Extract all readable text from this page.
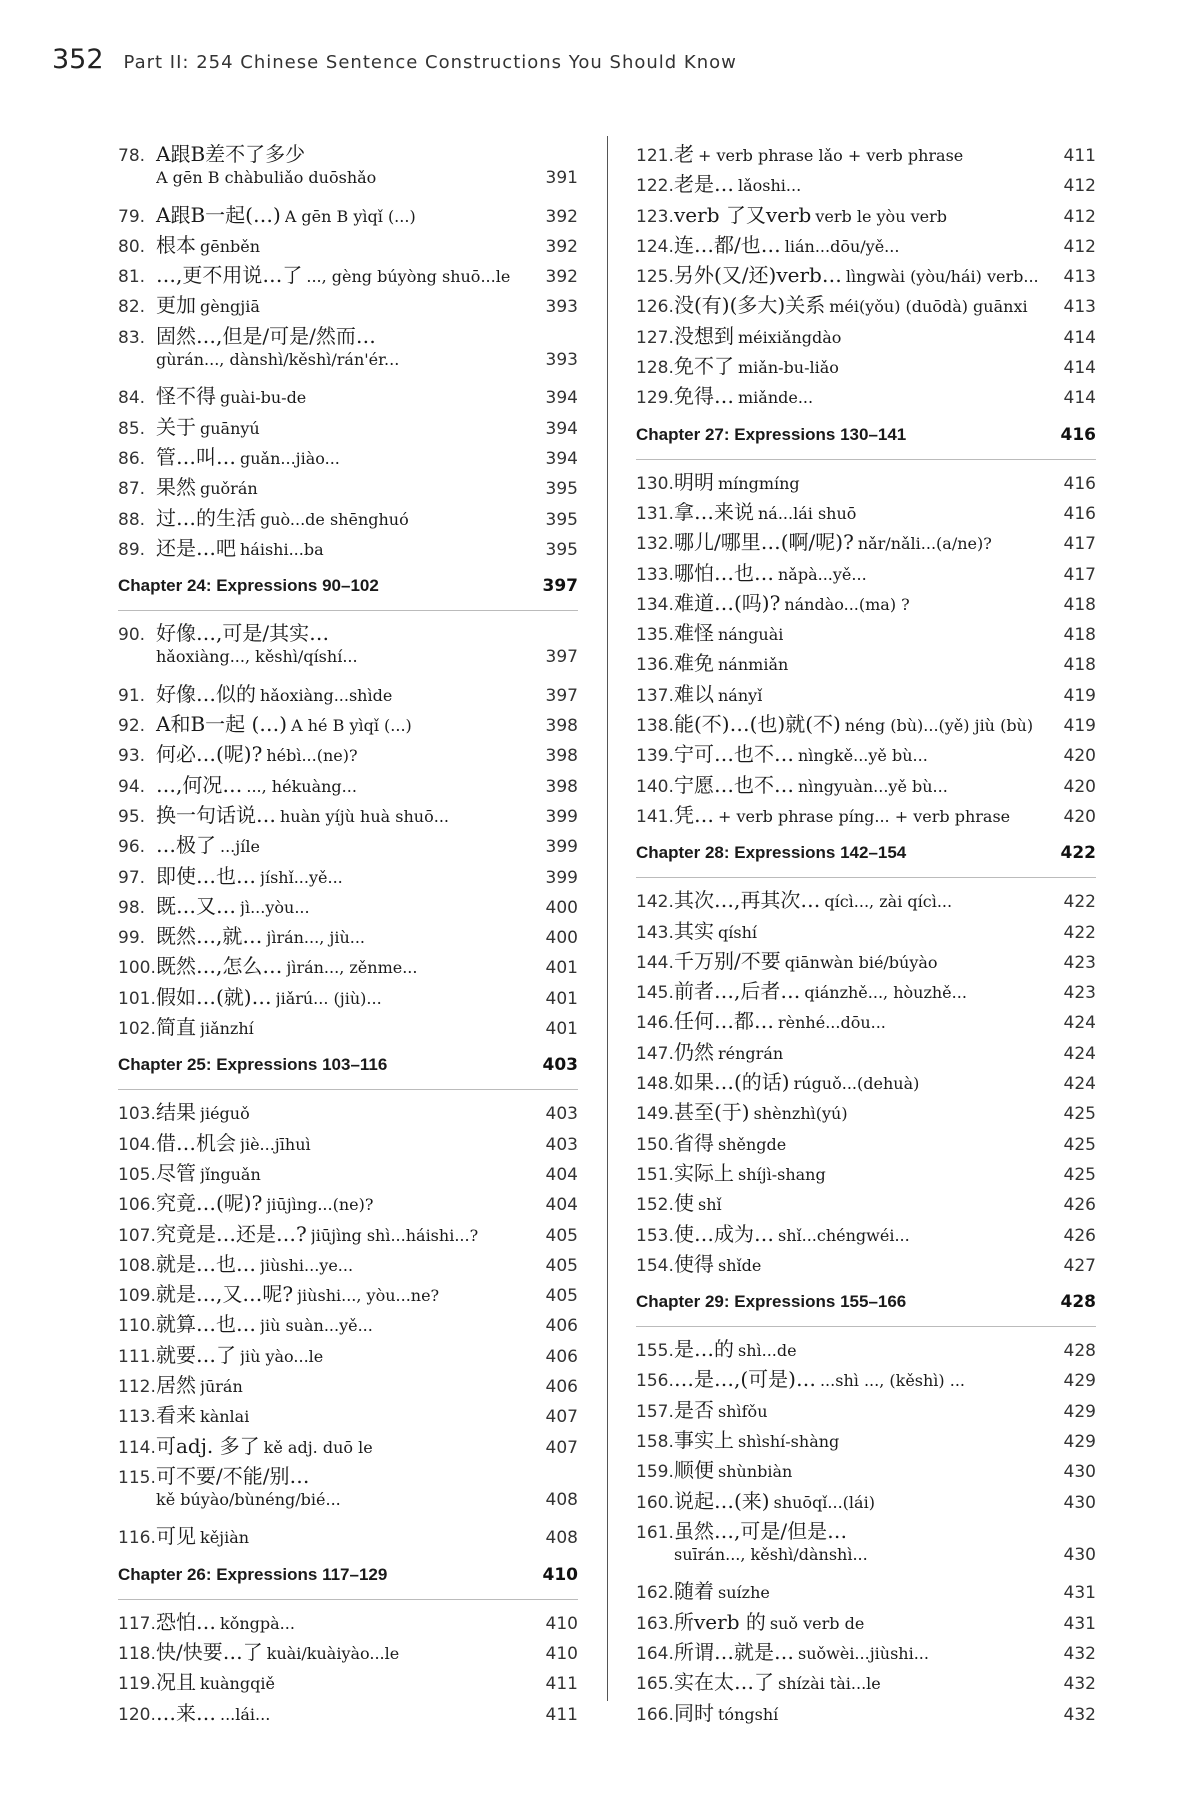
352 Part II: 254 Chinese Sentence Constructions You Should Know
78. A跟B差不了多少
A gēn B chàbuliǎo duōshǎo	391
79. A跟B一起(…) A gēn B yìqǐ (...)	392
80. 根本 gēnběn	392
81. …,更不用说…了 ..., gèng búyòng shuō...le	392
82. 更加 gèngjiā	393
83. 固然…,但是/可是/然而…
gùrán..., dànshì/kěshì/rán'ér...	393
84. 怪不得 guài-bu-de	394
85. 关于 guānyú	394
86. 管…叫… guǎn...jiào...	394
87. 果然 guǒrán	395
88. 过…的生活 guò...de shēnghuó	395
89. 还是…吧 háishi...ba	395
Chapter 24: Expressions 90–102	397
90. 好像…,可是/其实…
hǎoxiàng..., kěshì/qíshí...	397
91. 好像…似的 hǎoxiàng...shìde	397
92. A和B一起 (…) A hé B yìqǐ (...)	398
93. 何必…(呢)? hébì...(ne)?	398
94. …,何况… ..., hékuàng...	398
95. 换一句话说… huàn yíjù huà shuō...	399
96. …极了 ...jíle	399
97. 即使…也… jíshǐ...yě...	399
98. 既…又… jì...yòu...	400
99. 既然…,就… jìrán..., jiù...	400
100. 既然…,怎么… jìrán..., zěnme...	401
101. 假如…(就)… jiǎrú... (jiù)...	401
102. 简直 jiǎnzhí	401
Chapter 25: Expressions 103–116	403
103. 结果 jiéguǒ	403
104. 借…机会 jiè...jīhuì	403
105. 尽管 jǐnguǎn	404
106. 究竟…(呢)? jiūjìng...(ne)?	404
107. 究竟是…还是…? jiūjìng shì...háishi...?	405
108. 就是…也… jiùshi...ye...	405
109. 就是…,又…呢? jiùshi..., yòu...ne?	405
110. 就算…也… jiù suàn...yě...	406
111. 就要…了 jiù yào...le	406
112. 居然 jūrán	406
113. 看来 kànlai	407
114. 可adj. 多了 kě adj. duō le	407
115. 可不要/不能/别…
kě búyào/bùnéng/bié...	408
116. 可见 kějiàn	408
Chapter 26: Expressions 117–129	410
117. 恐怕… kǒngpà...	410
118. 快/快要…了 kuài/kuàiyào...le	410
119. 况且 kuàngqiě	411
120. …来… ...lái...	411
121. 老 + verb phrase lǎo + verb phrase	411
122. 老是… lǎoshi...	412
123. verb 了又verb verb le yòu verb	412
124. 连…都/也… lián...dōu/yě...	412
125. 另外(又/还)verb… lìngwài (yòu/hái) verb...	413
126. 没(有)(多大)关系 méi(yǒu) (duōdà) guānxi	413
127. 没想到 méixiǎngdào	414
128. 免不了 miǎn-bu-liǎo	414
129. 免得… miǎnde...	414
Chapter 27: Expressions 130–141	416
130. 明明 míngmíng	416
131. 拿…来说 ná...lái shuō	416
132. 哪儿/哪里…(啊/呢)? nǎr/nǎli...(a/ne)?	417
133. 哪怕…也… nǎpà...yě...	417
134. 难道…(吗)? nándào...(ma) ?	418
135. 难怪 nánguài	418
136. 难免 nánmiǎn	418
137. 难以 nányǐ	419
138. 能(不)…(也)就(不) néng (bù)...(yě) jiù (bù)	419
139. 宁可…也不… nìngkě...yě bù...	420
140. 宁愿…也不… nìngyuàn...yě bù...	420
141. 凭… + verb phrase píng... + verb phrase	420
Chapter 28: Expressions 142–154	422
142. 其次…,再其次… qícì..., zài qícì...	422
143. 其实 qíshí	422
144. 千万别/不要 qiānwàn bié/búyào	423
145. 前者…,后者… qiánzhě..., hòuzhě...	423
146. 任何…都… rènhé...dōu...	424
147. 仍然 réngrán	424
148. 如果…(的话) rúguǒ...(dehuà)	424
149. 甚至(于) shènzhì(yú)	425
150. 省得 shěngde	425
151. 实际上 shíjì-shang	425
152. 使 shǐ	426
153. 使…成为… shǐ...chéngwéi...	426
154. 使得 shǐde	427
Chapter 29: Expressions 155–166	428
155. 是…的 shì...de	428
156. …是…,(可是)… ...shì ..., (kěshì) ...	429
157. 是否 shìfǒu	429
158. 事实上 shìshí-shàng	429
159. 顺便 shùnbiàn	430
160. 说起…(来) shuōqǐ...(lái)	430
161. 虽然…,可是/但是…
suīrán..., kěshì/dànshì...	430
162. 随着 suízhe	431
163. 所verb 的 suǒ verb de	431
164. 所谓…就是… suǒwèi...jiùshi...	432
165. 实在太…了 shízài tài...le	432
166. 同时 tóngshí	432
